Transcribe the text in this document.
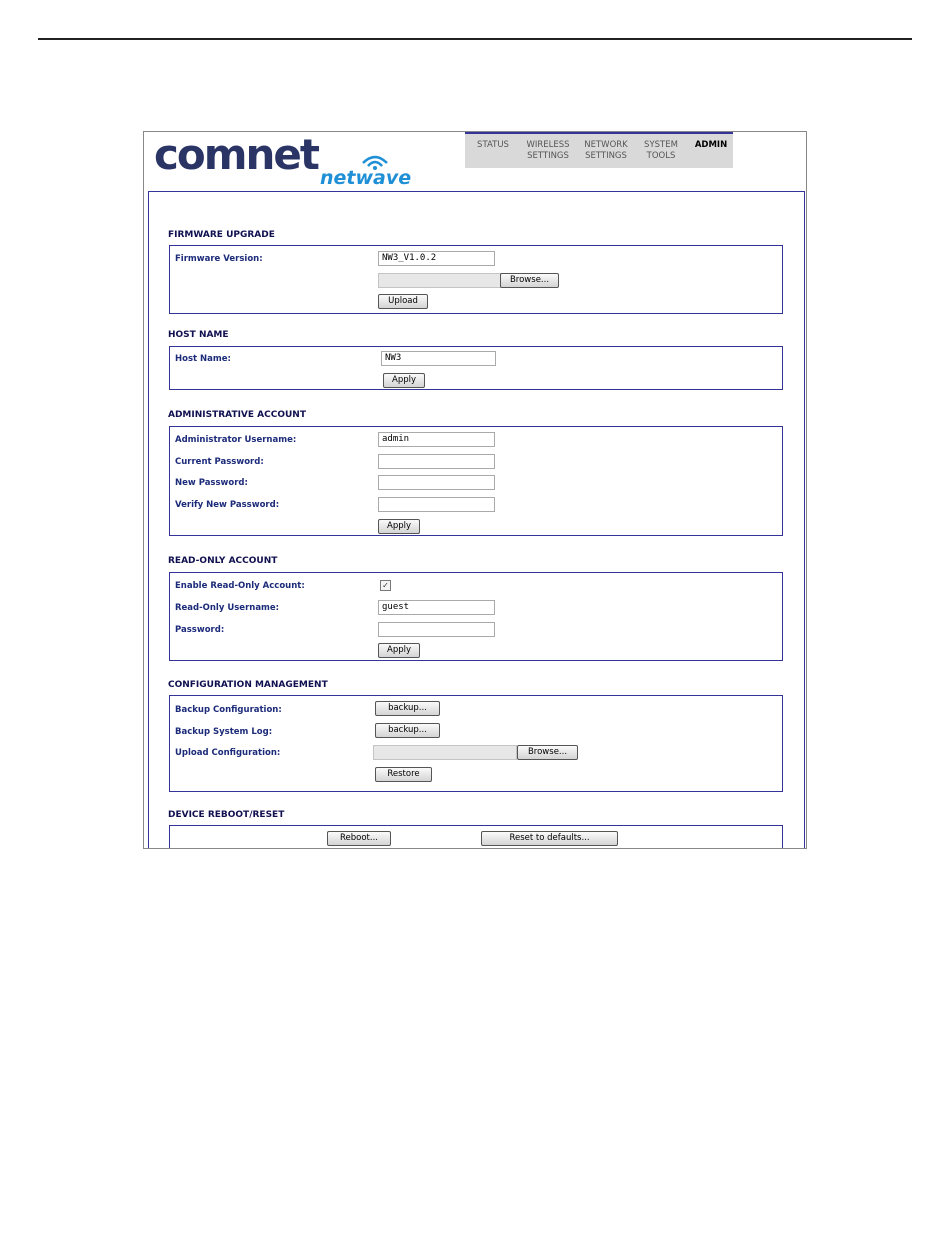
comnet netwave
STATUS	WIRELESS
SETTINGS
NETWORK
SETTINGS
SYSTEM
TOOLS
ADMIN
FIRMWARE UPGRADE
Firmware Version:	NW3_V1.0.2
Browse...
Upload
HOST NAME
Host Name:	NW3
Apply
ADMINISTRATIVE ACCOUNT
Administrator Username:	admin
Current Password:
New Password:
Verify New Password:
Apply
READ-ONLY ACCOUNT
Enable Read-Only Account:	✓
Read-Only Username:	guest
Password:
Apply
CONFIGURATION MANAGEMENT
Backup Configuration:	backup...
Backup System Log:	backup...
Upload Configuration:	Browse...
Restore
DEVICE REBOOT/RESET
Reboot...	Reset to defaults...
